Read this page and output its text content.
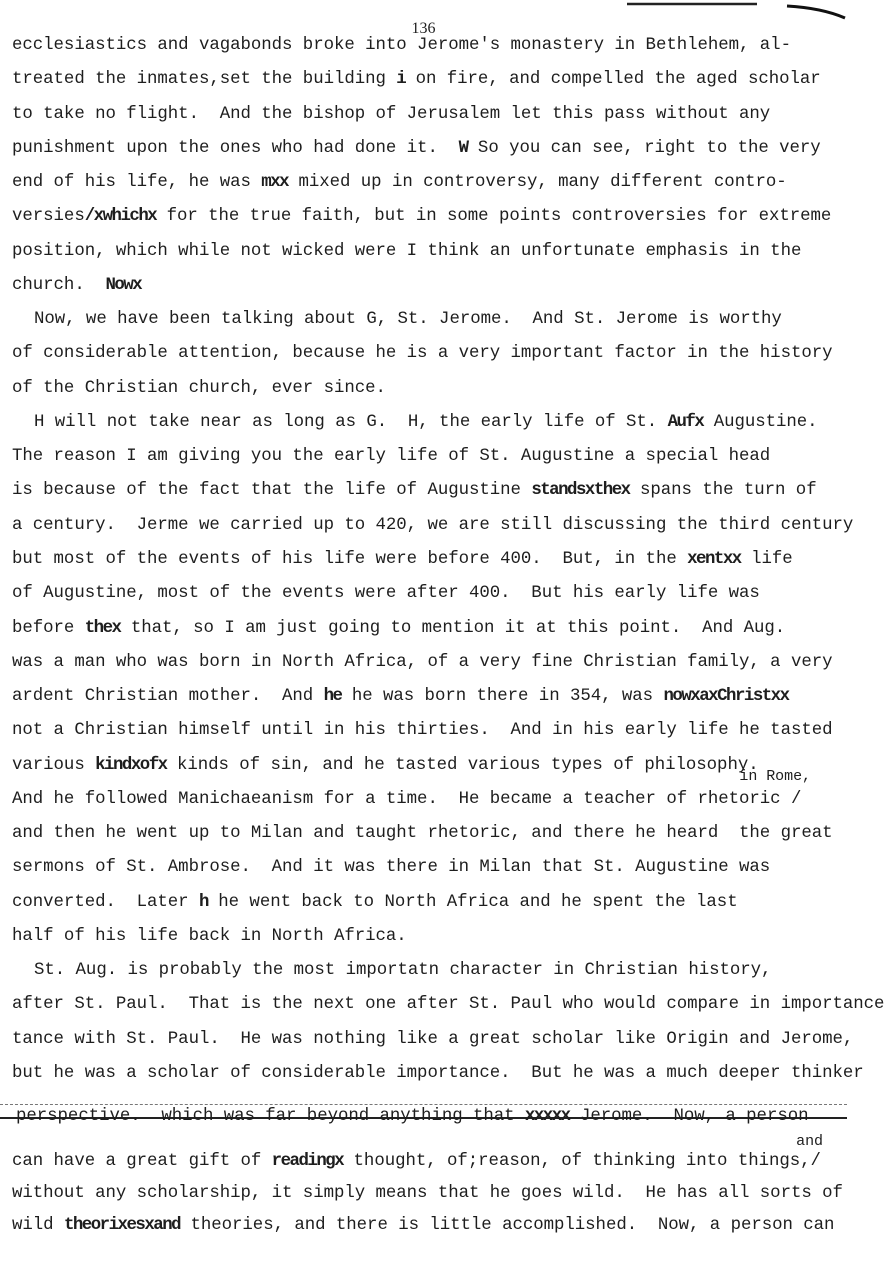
136
ecclesiastics and vagabonds broke into Jerome's monastery in Bethlehem, al-
treated the inmates,set the building i on fire, and compelled the aged scholar
to take no flight.  And the bishop of Jerusalem let this pass without any
punishment upon the ones who had done it.  W So you can see, right to the very
end of his life, he was mxx mixed up in controversy, many different contro-
versies/xwhichx for the true faith, but in some points controversies for extreme
position, which while not wicked were I think an unfortunate emphasis in the
church.  Nowx
Now, we have been talking about G, St. Jerome.  And St. Jerome is worthy
of considerable attention, because he is a very important factor in the history
of the Christian church, ever since.
H will not take near as long as G.  H, the early life of St. Aufx Augustine.
The reason I am giving you the early life of St. Augustine a special head
is because of the fact that the life of Augustine standsxthex spans the turn of
a century.  Jerme we carried up to 420, we are still discussing the third century
but most of the events of his life were before 400.  But, in the xentxx life
of Augustine, most of the events were after 400.  But his early life was
before thex that, so I am just going to mention it at this point.  And Aug.
was a man who was born in North Africa, of a very fine Christian family, a very
ardent Christian mother.  And he he was born there in 354, was nowxaxChristxx
not a Christian himself until in his thirties.  And in his early life he tasted
various kindxofx kinds of sin, and he tasted various types of philosophy.
And he followed Manichaeanism for a time.  He became a teacher of rhetoric /
in Rome,
and then he went up to Milan and taught rhetoric, and there he heard  the great
sermons of St. Ambrose.  And it was there in Milan that St. Augustine was
converted.  Later h he went back to North Africa and he spent the last
half of his life back in North Africa.
St. Aug. is probably the most importatn character in Christian history,
after St. Paul.  That is the next one after St. Paul who would compare in importance
tance with St. Paul.  He was nothing like a great scholar like Origin and Jerome,
but he was a scholar of considerable importance.  But he was a much deeper thinker
perspective.  which was far beyond anything that xxxxx Jerome.  Now, a person
can have a great gift of readingx thought, of;reason, of thinking into things,/
and
without any scholarship, it simply means that he goes wild.  He has all sorts of
wild theorixesxand theories, and there is little accomplished.  Now, a person can
